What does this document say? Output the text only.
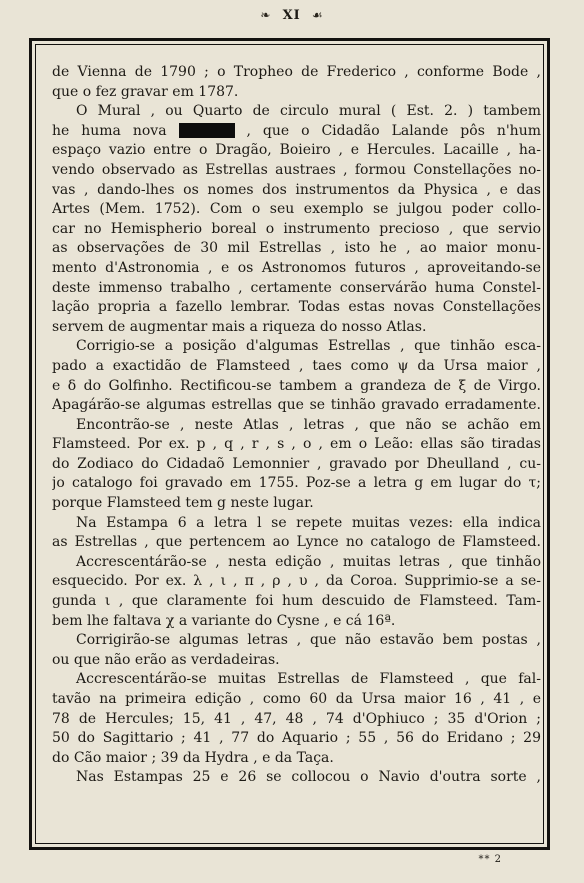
❧ XI ☙

de Vienna de 1790 ; o Tropheo de Frederico , conforme Bode ,
que o fez gravar em 1787.

O Mural , ou Quarto de circulo mural ( Est. 2. ) tambem
he huma nova	, que o Cidadão Lalande pôs n'hum
espaço vazio entre o Dragão, Boieiro , e Hercules. Lacaille , ha-
vendo observado as Estrellas austraes , formou Constellações no-
vas , dando-lhes os nomes dos instrumentos da Physica , e das
Artes (Mem. 1752). Com o seu exemplo se julgou poder collo-
car no Hemispherio boreal o instrumento precioso , que servio
as observações de 30 mil Estrellas , isto he , ao maior monu-
mento d'Astronomia , e os Astronomos futuros , aproveitando-se
deste immenso trabalho , certamente conservárão huma Constel-
lação propria a fazello lembrar. Todas estas novas Constellações
servem de augmentar mais a riqueza do nosso Atlas.

Corrigio-se a posição d'algumas Estrellas , que tinhão esca-
pado a exactidão de Flamsteed , taes como ψ da Ursa maior ,
e δ do Golfinho. Rectificou-se tambem a grandeza de ξ de Virgo.
Apagárão-se algumas estrellas que se tinhão gravado erradamente.

Encontrão-se , neste Atlas , letras , que não se achão em
Flamsteed. Por ex. p , q , r , s , o , em o Leão: ellas são tiradas
do Zodiaco do Cidadaõ Lemonnier , gravado por Dheulland , cu-
jo catalogo foi gravado em 1755. Poz-se a letra g em lugar do τ;
porque Flamsteed tem g neste lugar.

Na Estampa 6 a letra l se repete muitas vezes: ella indica
as Estrellas , que pertencem ao Lynce no catalogo de Flamsteed.

Accrescentárão-se , nesta edição , muitas letras , que tinhão
esquecido. Por ex. λ , ι , π , ρ , υ , da Coroa. Supprimio-se a se-
gunda ι , que claramente foi hum descuido de Flamsteed. Tam-
bem lhe faltava χ a variante do Cysne , e cá 16ª.

Corrigirão-se algumas letras , que não estavão bem postas ,
ou que não erão as verdadeiras.

Accrescentárão-se muitas Estrellas de Flamsteed , que fal-
tavão na primeira edição , como 60 da Ursa maior 16 , 41 , e
78 de Hercules; 15, 41 , 47, 48 , 74 d'Ophiuco ; 35 d'Orion ;
50 do Sagittario ; 41 , 77 do Aquario ; 55 , 56 do Eridano ; 29
do Cão maior ; 39 da Hydra , e da Taça.

Nas Estampas 25 e 26 se collocou o Navio d'outra sorte ,

** 2
